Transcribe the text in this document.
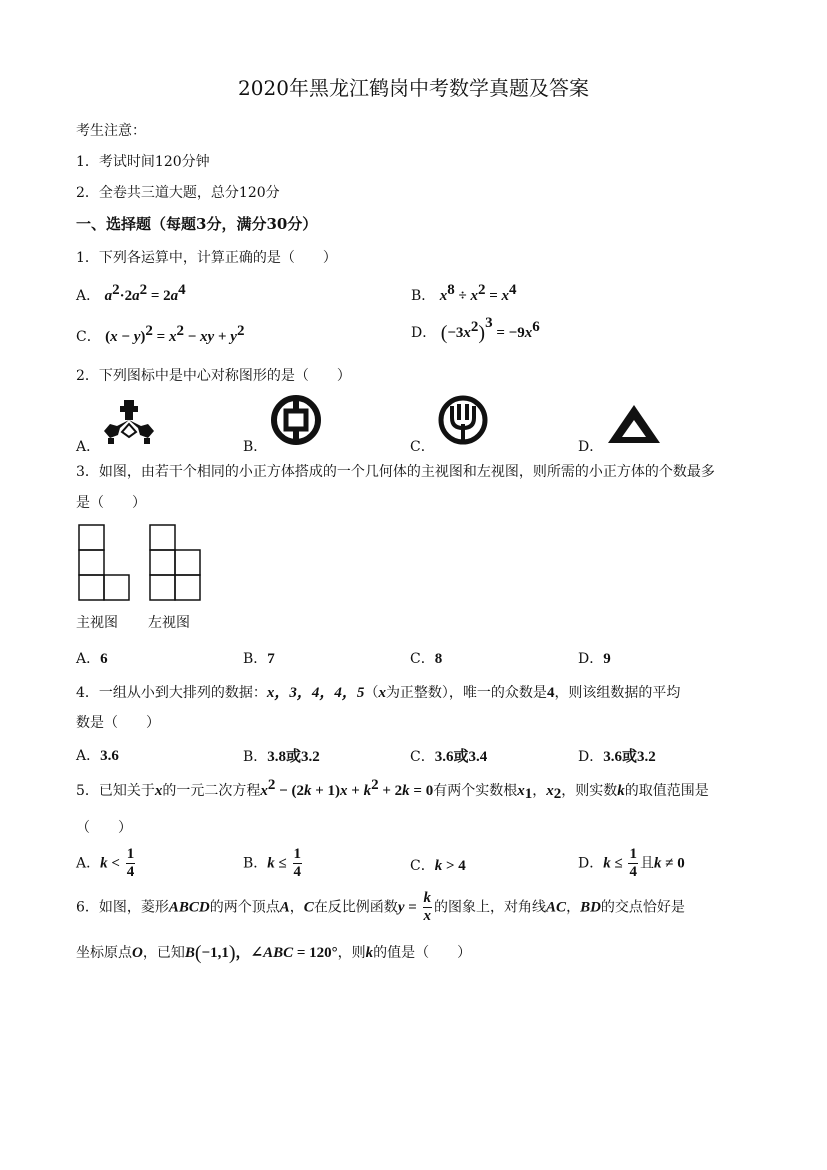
2020年黑龙江鹤岗中考数学真题及答案
考生注意：
1．考试时间120分钟
2．全卷共三道大题，总分120分
一、选择题（每题3分，满分30分）
1．下列各运算中，计算正确的是（　　）
A． $a^2\cdot 2a^2 = 2a^4$	B． $x^8 \div x^2 = x^4$
C． $(x - y)^2 = x^2$ − xy + $y^2$	D． $(-3x^2)^3 = -9x^6$
2．下列图标中是中心对称图形的是（　　）
A．	B．	C．	D．
3．如图，由若干个相同的小正方体搭成的一个几何体的主视图和左视图，则所需的小正方体的个数最多
是（　　）
主视图 左视图
A．6	B．7	C．8	D．9
4．一组从小到大排列的数据：x，3，4，4，5（x为正整数），唯一的众数是4，则该组数据的平均
数是（　　）
A．3.6	B．3.8或3.2	C．3.6或3.4	D．3.6或3.2
5．已知关于x的一元二次方程$x^2 - (2k + 1)x + k^2 + 2k = 0$有两个实数根$x_1$，$x_2$，则实数k的取值范围是
（　　）
A．$k < \frac{1}{4}$	B．$k \le \frac{1}{4}$	C．k > 4	D．$k \le \frac{1}{4}$ 且k ≠ 0
6．如图，菱形ABCD的两个顶点A，C在反比例函数$y = \frac{k}{x}$ 的图象上，对角线AC，BD的交点恰好是
坐标原点O，已知B(−1,1)，∠ABC = 120°，则k的值是（　　）
